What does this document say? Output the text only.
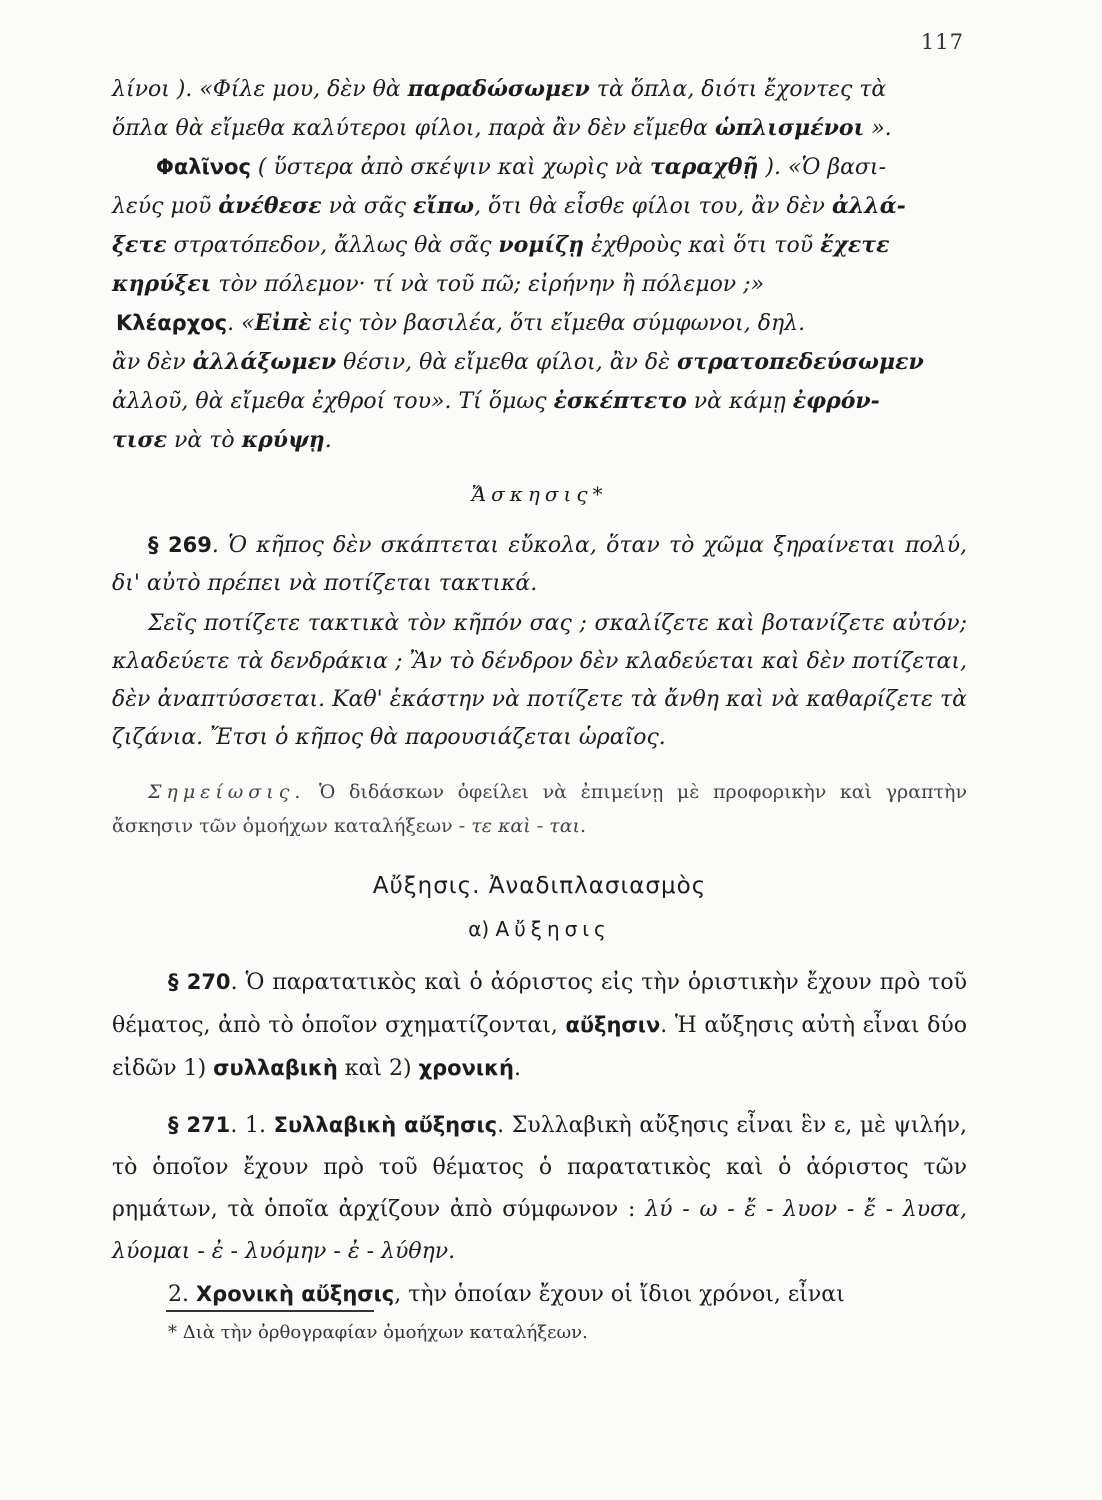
117

λίνοι ). «Φίλε μου, δὲν θὰ παραδώσωμεν τὰ ὅπλα, διότι ἔχοντες τὰ

ὅπλα θὰ εἴμεθα καλύτεροι φίλοι, παρὰ ἂν δὲν εἴμεθα ὡπλισμένοι ».

Φαλῖνος ( ὕστερα ἀπὸ σκέψιν καὶ χωρὶς νὰ ταραχθῇ ). «Ὁ βασι-

λεύς μοῦ ἀνέθεσε νὰ σᾶς εἴπω, ὅτι θὰ εἶσθε φίλοι του, ἂν δὲν ἀλλά-

ξετε στρατόπεδον, ἄλλως θὰ σᾶς νομίζῃ ἐχθροὺς καὶ ὅτι τοῦ ἔχετε

κηρύξει τὸν πόλεμον· τί νὰ τοῦ πῶ; εἰρήνην ἢ πόλεμον ;»

Κλέαρχος. «Εἰπὲ εἰς τὸν βασιλέα, ὅτι εἴμεθα σύμφωνοι, δηλ.

ἂν δὲν ἀλλάξωμεν θέσιν, θὰ εἴμεθα φίλοι, ἂν δὲ στρατοπεδεύσωμεν

ἀλλοῦ, θὰ εἴμεθα ἐχθροί του». Τί ὅμως ἐσκέπτετο νὰ κάμῃ ἐφρόν-

τισε νὰ τὸ κρύψῃ.

Ἄσκησις*

§ 269. Ὁ κῆπος δὲν σκάπτεται εὔκολα, ὅταν τὸ χῶμα ξηραίνεται πολύ, δι' αὐτὸ πρέπει νὰ ποτίζεται τακτικά.

Σεῖς ποτίζετε τακτικὰ τὸν κῆπόν σας ; σκαλίζετε καὶ βοτανίζετε αὐτόν; κλαδεύετε τὰ δενδράκια ; Ἂν τὸ δένδρον δὲν κλαδεύεται καὶ δὲν ποτίζεται, δὲν ἀναπτύσσεται. Καθ' ἑκάστην νὰ ποτίζετε τὰ ἄνθη καὶ νὰ καθαρίζετε τὰ ζιζάνια. Ἔτσι ὁ κῆπος θὰ παρουσιάζεται ὡραῖος.

Σημείωσις. Ὁ διδάσκων ὀφείλει νὰ ἐπιμείνῃ μὲ προφορικὴν καὶ γραπτὴν ἄσκησιν τῶν ὁμοήχων καταλήξεων - τε καὶ - ται.

Αὔξησις. Ἀναδιπλασιασμὸς
α) Αὔξησις

§ 270. Ὁ παρατατικὸς καὶ ὁ ἀόριστος εἰς τὴν ὁριστικὴν ἔχουν πρὸ τοῦ θέματος, ἀπὸ τὸ ὁποῖον σχηματίζονται, αὔξησιν. Ἡ αὔξησις αὐτὴ εἶναι δύο εἰδῶν 1) συλλαβικὴ καὶ 2) χρονική.

§ 271. 1. Συλλαβικὴ αὔξησις. Συλλαβικὴ αὔξησις εἶναι ἓν ε, μὲ ψιλήν, τὸ ὁποῖον ἔχουν πρὸ τοῦ θέματος ὁ παρατατικὸς καὶ ὁ ἀόριστος τῶν ρημάτων, τὰ ὁποῖα ἀρχίζουν ἀπὸ σύμφωνον : λύ - ω - ἔ - λυον - ἔ - λυσα, λύομαι - ἐ - λυόμην - ἐ - λύθην.

2. Χρονικὴ αὔξησις, τὴν ὁποίαν ἔχουν οἱ ἴδιοι χρόνοι, εἶναι

* Διὰ τὴν ὀρθογραφίαν ὁμοήχων καταλήξεων.
